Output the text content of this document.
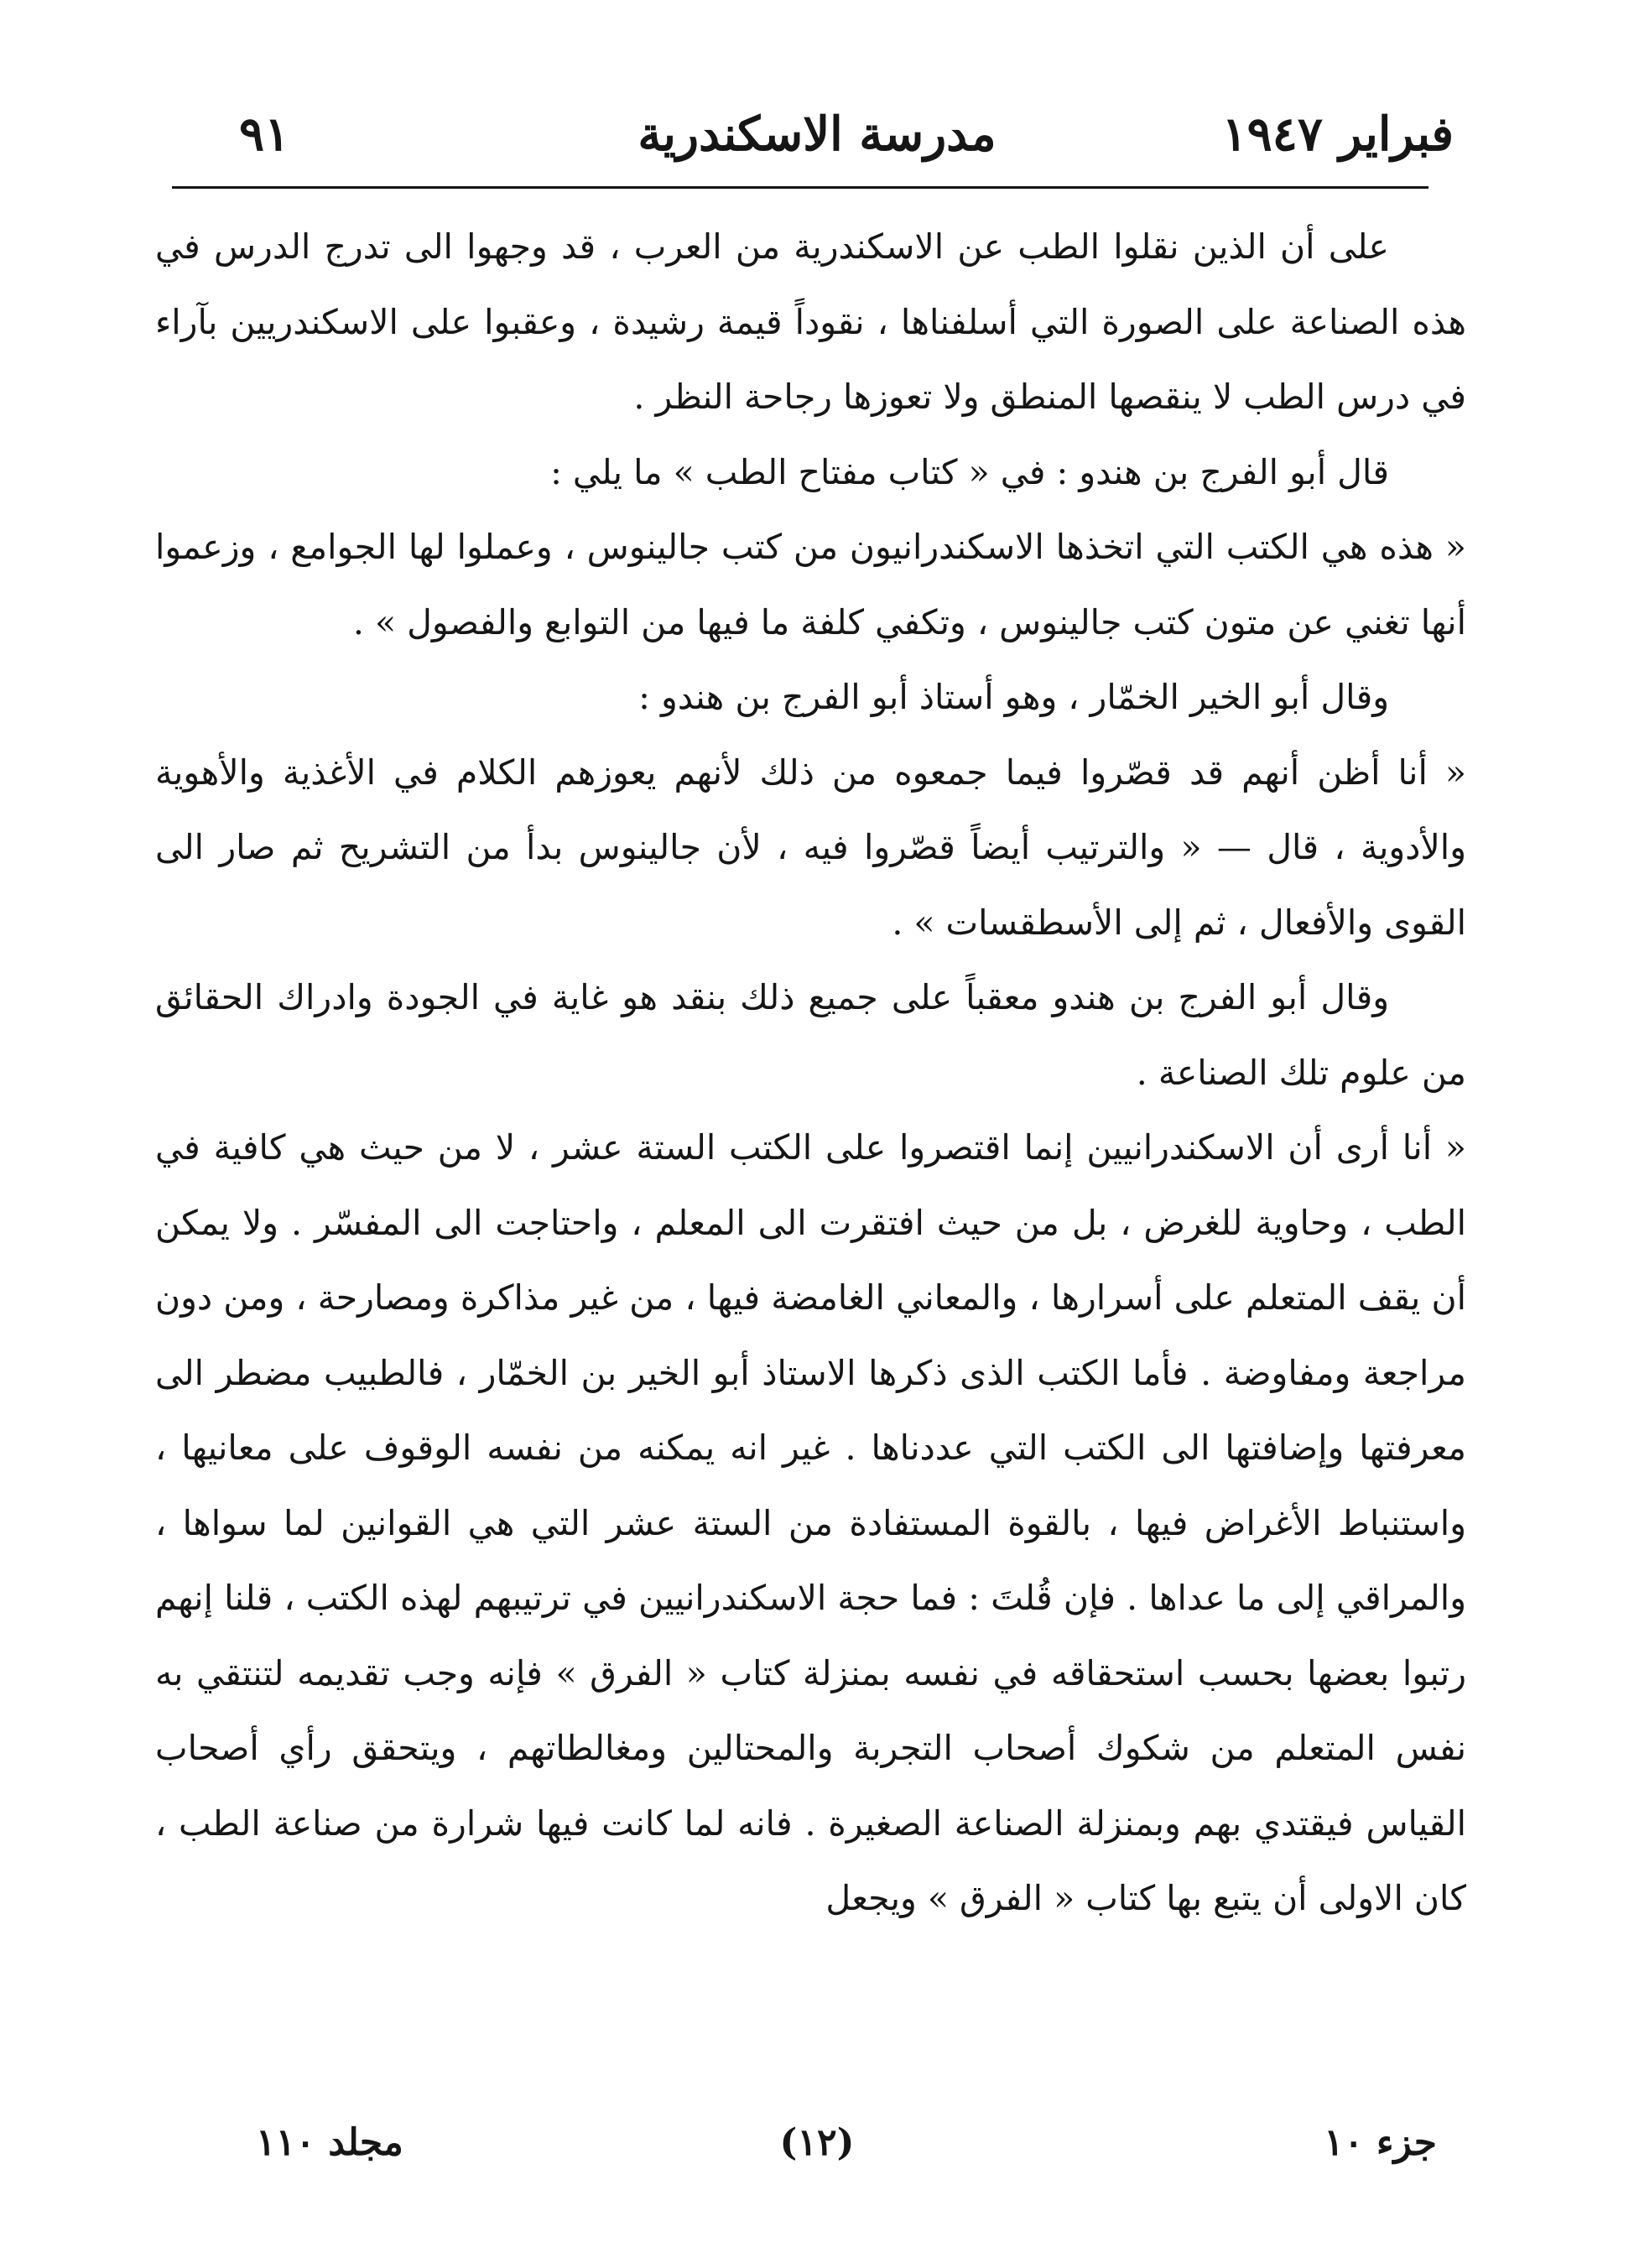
فبراير ١٩٤٧
مدرسة الاسكندرية
٩١

على أن الذين نقلوا الطب عن الاسكندرية من العرب ، قد وجهوا الى تدرج الدرس في هذه الصناعة على الصورة التي أسلفناها ، نقوداً قيمة رشيدة ، وعقبوا على الاسكندريين بآراء في درس الطب لا ينقصها المنطق ولا تعوزها رجاحة النظر .

قال أبو الفرج بن هندو : في « كتاب مفتاح الطب » ما يلي :

« هذه هي الكتب التي اتخذها الاسكندرانيون من كتب جالينوس ، وعملوا لها الجوامع ، وزعموا أنها تغني عن متون كتب جالينوس ، وتكفي كلفة ما فيها من التوابع والفصول » .

وقال أبو الخير الخمّار ، وهو أستاذ أبو الفرج بن هندو :

« أنا أظن أنهم قد قصّروا فيما جمعوه من ذلك لأنهم يعوزهم الكلام في الأغذية والأهوية والأدوية ، قال — « والترتيب أيضاً قصّروا فيه ، لأن جالينوس بدأ من التشريح ثم صار الى القوى والأفعال ، ثم إلى الأسطقسات » .

وقال أبو الفرج بن هندو معقباً على جميع ذلك بنقد هو غاية في الجودة وادراك الحقائق من علوم تلك الصناعة .

« أنا أرى أن الاسكندرانيين إنما اقتصروا على الكتب الستة عشر ، لا من حيث هي كافية في الطب ، وحاوية للغرض ، بل من حيث افتقرت الى المعلم ، واحتاجت الى المفسّر . ولا يمكن أن يقف المتعلم على أسرارها ، والمعاني الغامضة فيها ، من غير مذاكرة ومصارحة ، ومن دون مراجعة ومفاوضة . فأما الكتب الذى ذكرها الاستاذ أبو الخير بن الخمّار ، فالطبيب مضطر الى معرفتها وإضافتها الى الكتب التي عددناها . غير انه يمكنه من نفسه الوقوف على معانيها ، واستنباط الأغراض فيها ، بالقوة المستفادة من الستة عشر التي هي القوانين لما سواها ، والمراقي إلى ما عداها . فإن قُلتَ : فما حجة الاسكندرانيين في ترتيبهم لهذه الكتب ، قلنا إنهم رتبوا بعضها بحسب استحقاقه في نفسه بمنزلة كتاب « الفرق » فإنه وجب تقديمه لتنتقي به نفس المتعلم من شكوك أصحاب التجربة والمحتالين ومغالطاتهم ، ويتحقق رأي أصحاب القياس فيقتدي بهم وبمنزلة الصناعة الصغيرة . فانه لما كانت فيها شرارة من صناعة الطب ، كان الاولى أن يتبع بها كتاب « الفرق » ويجعل

جزء ١٠
(١٢)
مجلد ١١٠
